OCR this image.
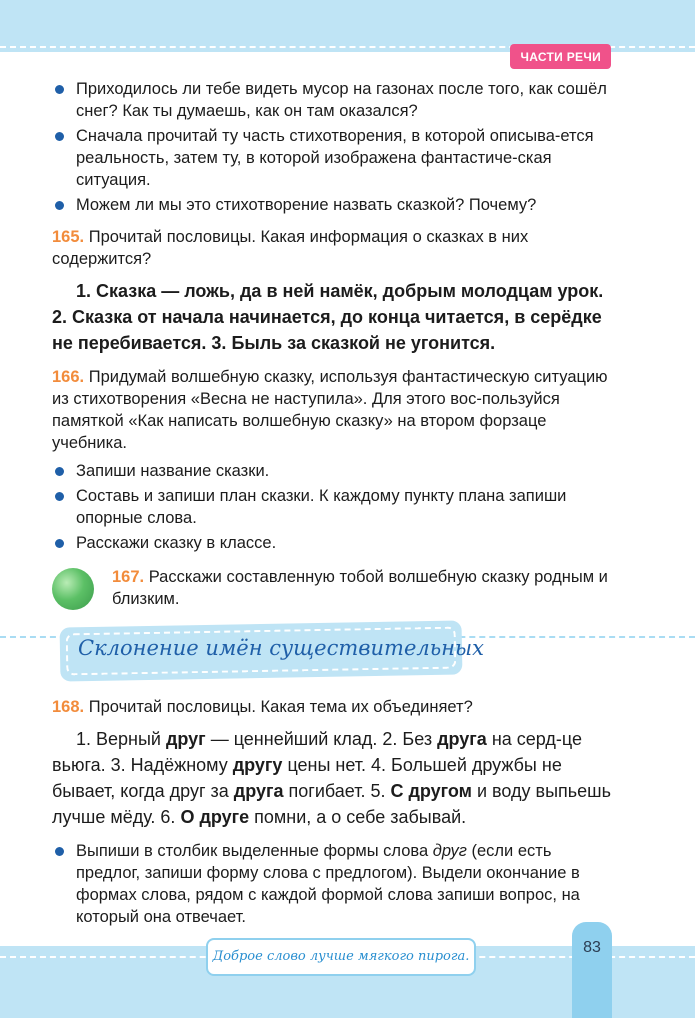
ЧАСТИ РЕЧИ
Приходилось ли тебе видеть мусор на газонах после того, как сошёл снег? Как ты думаешь, как он там оказался?
Сначала прочитай ту часть стихотворения, в которой описыва-ется реальность, затем ту, в которой изображена фантастиче-ская ситуация.
Можем ли мы это стихотворение назвать сказкой? Почему?

165. Прочитай пословицы. Какая информация о сказках в них содержится?

1. Сказка — ложь, да в ней намёк, добрым молодцам урок. 2. Сказка от начала начинается, до конца читается, в серёдке не перебивается. 3. Быль за сказкой не угонится.

166. Придумай волшебную сказку, используя фантастическую ситуацию из стихотворения «Весна не наступила». Для этого вос-пользуйся памяткой «Как написать волшебную сказку» на втором форзаце учебника.

Запиши название сказки.
Составь и запиши план сказки. К каждому пункту плана запиши опорные слова.
Расскажи сказку в классе.
167. Расскажи составленную тобой волшебную сказку родным и близким.
Склонение имён существительных

168. Прочитай пословицы. Какая тема их объединяет?

1. Верный друг — ценнейший клад. 2. Без друга на серд-це вьюга. 3. Надёжному другу цены нет. 4. Большей дружбы не бывает, когда друг за друга погибает. 5. С другом и воду выпьешь лучше мёду. 6. О друге помни, а о себе забывай.

Выпиши в столбик выделенные формы слова друг (если есть предлог, запиши форму слова с предлогом). Выдели окончание в формах слова, рядом с каждой формой слова запиши вопрос, на который она отвечает.
Доброе слово лучше мягкого пирога.
83
